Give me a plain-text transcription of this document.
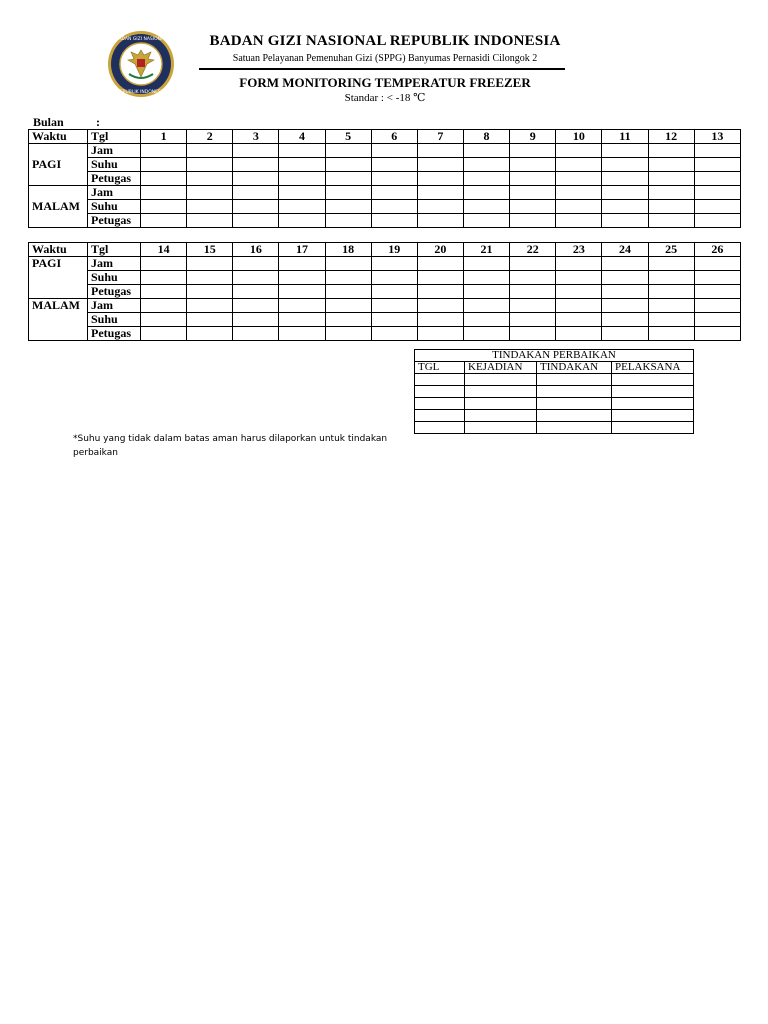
BADAN GIZI NASIONAL
REPUBLIK INDONESIA
BADAN GIZI NASIONAL REPUBLIK INDONESIA
Satuan Pelayanan Pemenuhan Gizi (SPPG) Banyumas Pernasidi Cilongok 2
FORM MONITORING TEMPERATUR FREEZER
Standar : < -18 ℃
Bulan	:
Waktu	Tgl	1	2	3	4	5	6	7	8	9	10	11	12	13
PAGI	Jam													
	Suhu													
	Petugas													
MALAM	Jam													
	Suhu													
	Petugas													
Waktu	Tgl	14	15	16	17	18	19	20	21	22	23	24	25	26
PAGI	Jam													
	Suhu													
	Petugas													
MALAM	Jam													
	Suhu													
	Petugas													
TINDAKAN PERBAIKAN			
TGL	KEJADIAN	TINDAKAN	PELAKSANA

*Suhu yang tidak dalam batas aman harus dilaporkan untuk tindakan perbaikan
